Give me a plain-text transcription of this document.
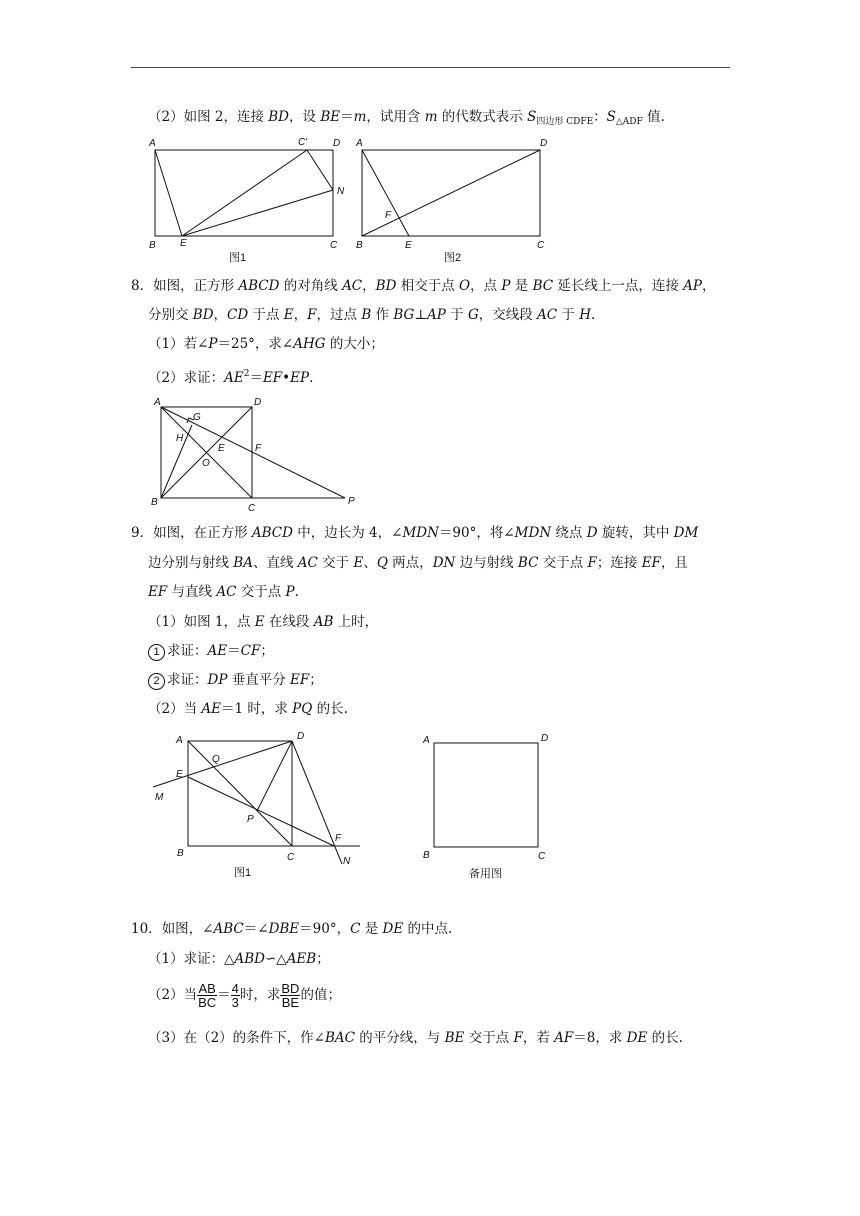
（2）如图 2，连接 BD，设 BE＝m，试用含 m 的代数式表示 $S_{四边形 CDFE}$：$S_{\triangle ADF}$ 值.
A	C′	D
N
B E	C
图1
A	D
F
B	E	C
图2
8．如图，正方形 ABCD 的对角线 AC，BD 相交于点 O，点 P 是 BC 延长线上一点，连接 AP，
分别交 BD，CD 于点 E，F，过点 B 作 BG⊥AP 于 G，交线段 AC 于 H.
（1）若∠P＝25°，求∠AHG 的大小；
（2）求证：$AE^2=EF•EP$.
A	D
G
H
E	F
O
B
C
P
9．如图，在正方形 ABCD 中，边长为 4，∠MDN＝90°，将∠MDN 绕点 D 旋转，其中 DM
边分别与射线 BA、直线 AC 交于 E、Q 两点，DN 边与射线 BC 交于点 F；连接 EF，且
EF 与直线 AC 交于点 P.
（1）如图 1，点 E 在线段 AB 上时，
1 求证：AE＝CF；
2 求证：DP 垂直平分 EF；
（2）当 AE＝1 时，求 PQ 的长.
A	D
Q
E
M
P
F
B	C	N
图1
A	D
B	C
备用图
10．如图，∠ABC＝∠DBE＝90°，C 是 DE 的中点.
（1）求证：△ABD∽△AEB；
（2）当 $\frac{AB}{BC} = \frac{4}{3}$ 时，求 $\frac{BD}{BE}$ 的值；
（3）在（2）的条件下，作∠BAC 的平分线，与 BE 交于点 F，若 AF＝8，求 DE 的长.
